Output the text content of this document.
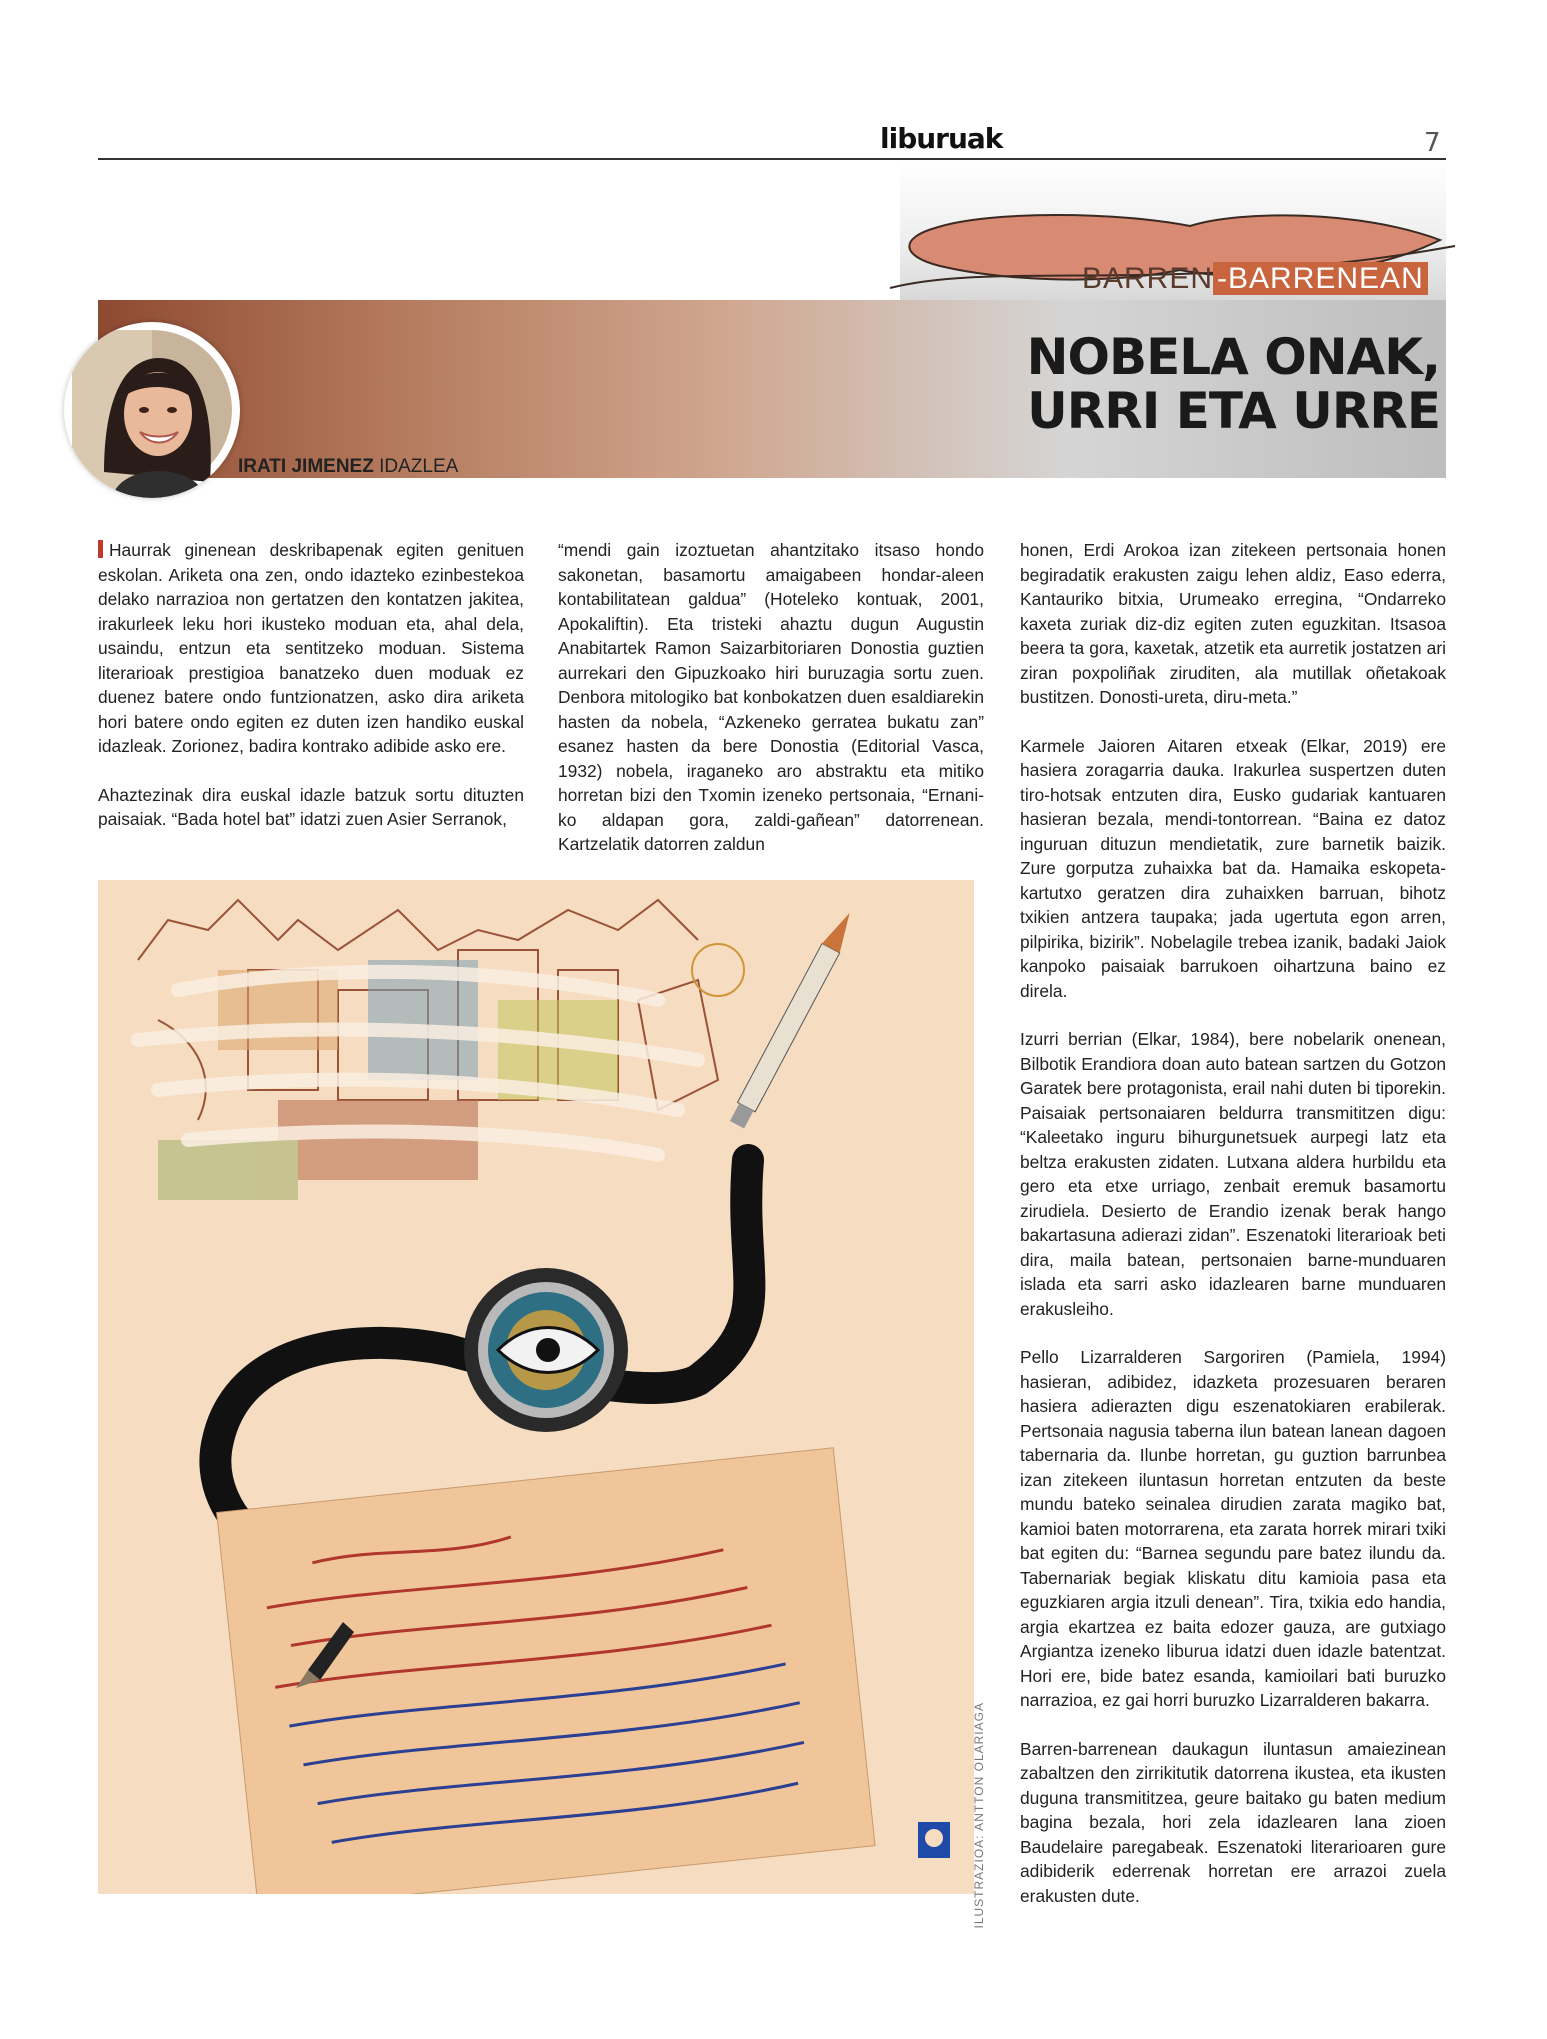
liburuak	7
BARREN -BARRENEAN
NOBELA ONAK,
URRI ETA URRE
IRATI JIMENEZ IDAZLEA

Haurrak ginenean deskribapenak egiten genituen eskolan. Ariketa ona zen, ondo idazteko ezinbestekoa delako narrazioa non gertatzen den kontatzen jakitea, irakurleek leku hori ikusteko moduan eta, ahal dela, usaindu, entzun eta sentitzeko moduan. Sistema literarioak prestigioa banatzeko duen moduak ez duenez batere ondo funtzionatzen, asko dira ariketa hori batere ondo egiten ez duten izen handiko euskal idazleak. Zorionez, badira kontrako adibide asko ere.

Ahaztezinak dira euskal idazle batzuk sortu dituzten paisaiak. “Bada hotel bat” idatzi zuen Asier Serranok,

“mendi gain izoztuetan ahantzitako itsaso hondo sakonetan, basamortu amaigabeen hondar-aleen kontabilitatean galdua” (Hoteleko kontuak, 2001, Apokaliftin). Eta tristeki ahaztu dugun Augustin Anabitartek Ramon Saizarbitoriaren Donostia guztien aurrekari den Gipuzkoako hiri buruzagia sortu zuen. Denbora mitologiko bat konbokatzen duen esaldiarekin hasten da nobela, “Azkeneko gerratea bukatu zan” esanez hasten da bere Donostia (Editorial Vasca, 1932) nobela, iraganeko aro abstraktu eta mitiko horretan bizi den Txomin izeneko pertsonaia, “Ernani-ko aldapan gora, zaldi-gañean” datorrenean. Kartzelatik datorren zaldun

honen, Erdi Arokoa izan zitekeen pertsonaia honen begiradatik erakusten zaigu lehen aldiz, Easo ederra, Kantauriko bitxia, Urumeako erregina, “Ondarreko kaxeta zuriak diz-diz egiten zuten eguzkitan. Itsasoa beera ta gora, kaxetak, atzetik eta aurretik jostatzen ari ziran poxpoliñak ziruditen, ala mutillak oñetakoak bustitzen. Donosti-ureta, diru-meta.”

Karmele Jaioren Aitaren etxeak (Elkar, 2019) ere hasiera zoragarria dauka. Irakurlea suspertzen duten tiro-hotsak entzuten dira, Eusko gudariak kantuaren hasieran bezala, mendi-tontorrean. “Baina ez datoz inguruan dituzun mendietatik, zure barnetik baizik. Zure gorputza zuhaixka bat da. Hamaika eskopeta-kartutxo geratzen dira zuhaixken barruan, bihotz txikien antzera taupaka; jada ugertuta egon arren, pilpirika, bizirik”. Nobelagile trebea izanik, badaki Jaiok kanpoko paisaiak barrukoen oihartzuna baino ez direla.

Izurri berrian (Elkar, 1984), bere nobelarik onenean, Bilbotik Erandiora doan auto batean sartzen du Gotzon Garatek bere protagonista, erail nahi duten bi tiporekin. Paisaiak pertsonaiaren beldurra transmititzen digu: “Kaleetako inguru bihurgunetsuek aurpegi latz eta beltza erakusten zidaten. Lutxana aldera hurbildu eta gero eta etxe urriago, zenbait eremuk basamortu zirudiela. Desierto de Erandio izenak berak hango bakartasuna adierazi zidan”. Eszenatoki literarioak beti dira, maila batean, pertsonaien barne-munduaren islada eta sarri asko idazlearen barne munduaren erakusleiho.

Pello Lizarralderen Sargoriren (Pamiela, 1994) hasieran, adibidez, idazketa prozesuaren beraren hasiera adierazten digu eszenatokiaren erabilerak. Pertsonaia nagusia taberna ilun batean lanean dagoen tabernaria da. Ilunbe horretan, gu guztion barrunbea izan zitekeen iluntasun horretan entzuten da beste mundu bateko seinalea dirudien zarata magiko bat, kamioi baten motorrarena, eta zarata horrek mirari txiki bat egiten du: “Barnea segundu pare batez ilundu da. Tabernariak begiak kliskatu ditu kamioia pasa eta eguzkiaren argia itzuli denean”. Tira, txikia edo handia, argia ekartzea ez baita edozer gauza, are gutxiago Argiantza izeneko liburua idatzi duen idazle batentzat. Hori ere, bide batez esanda, kamioilari bati buruzko narrazioa, ez gai horri buruzko Lizarralderen bakarra.

Barren-barrenean daukagun iluntasun amaiezinean zabaltzen den zirrikitutik datorrena ikustea, eta ikusten duguna transmititzea, geure baitako gu baten medium bagina bezala, hori zela idazlearen lana zioen Baudelaire paregabeak. Eszenatoki literarioaren gure adibiderik ederrenak horretan ere arrazoi zuela erakusten dute.

ILUSTRAZIOA: ANTTON OLARIAGA
